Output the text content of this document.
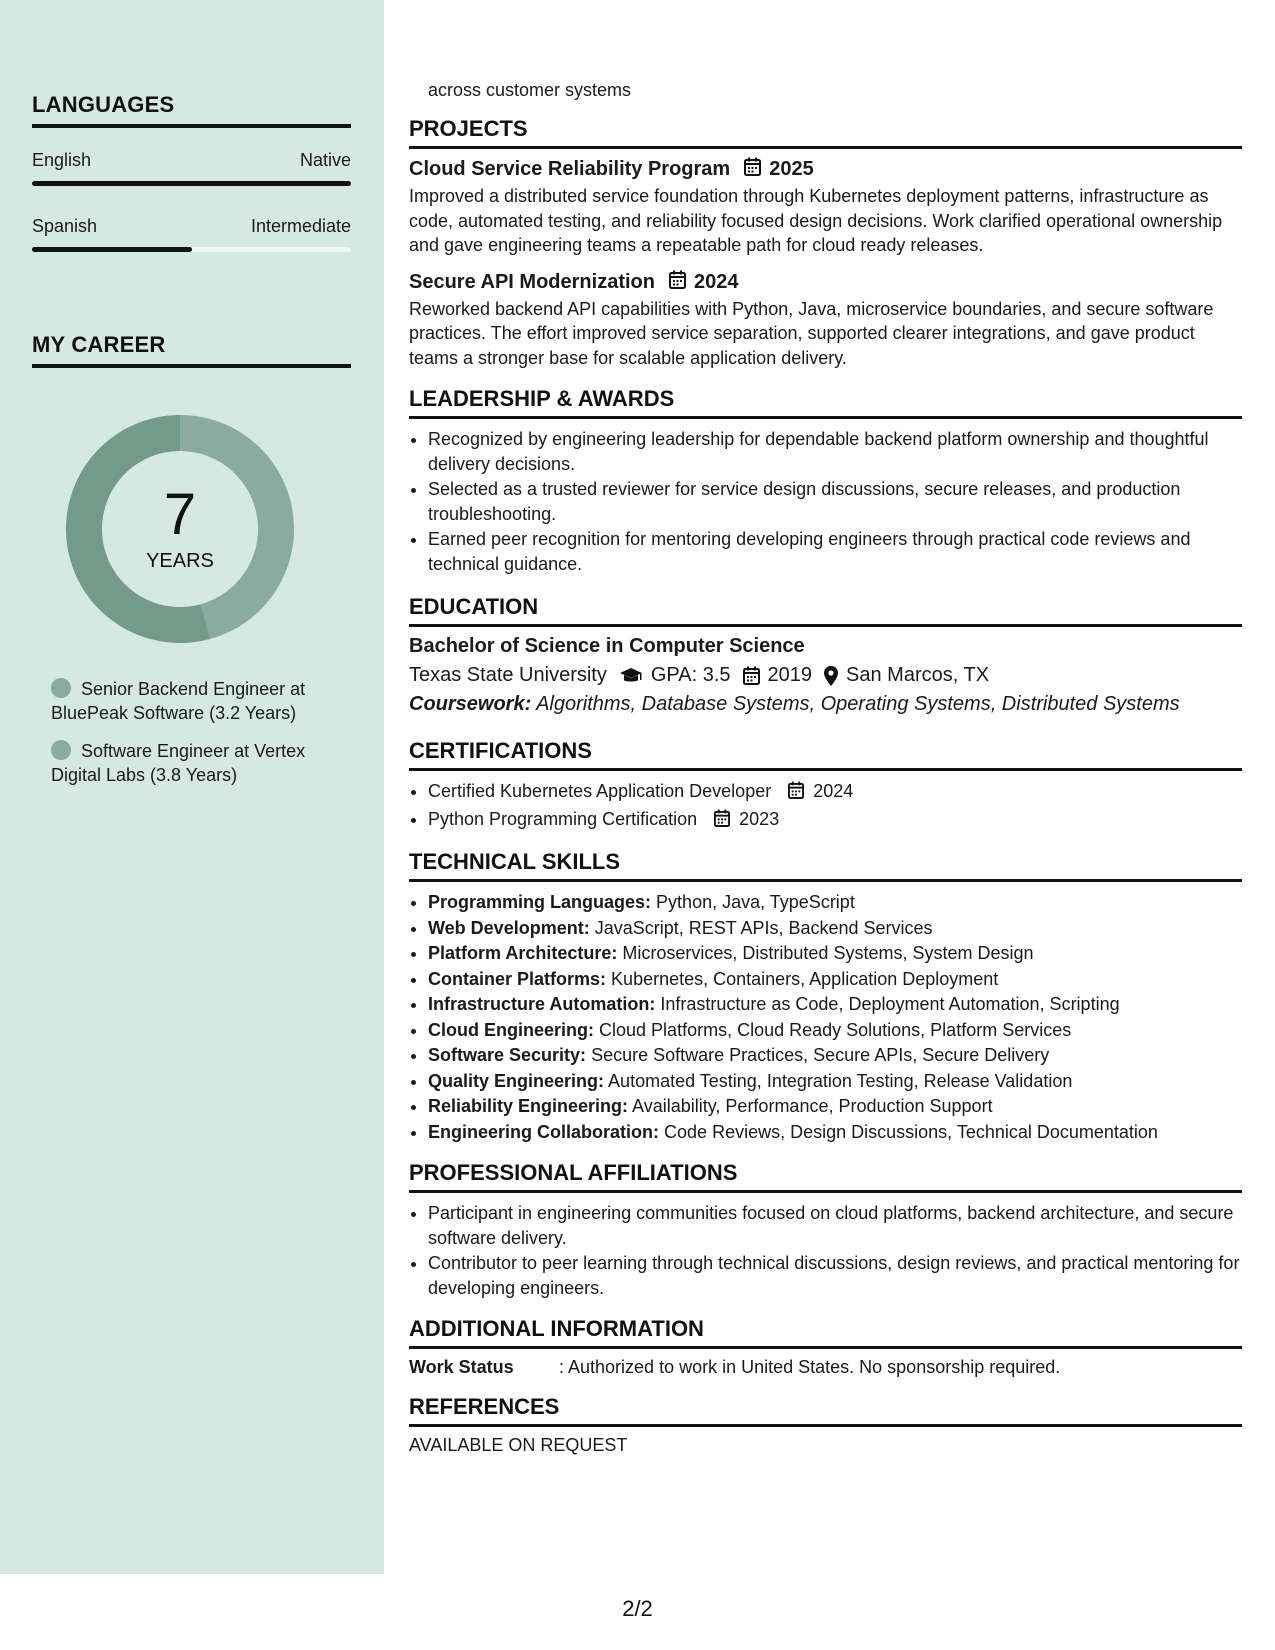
LANGUAGES
English	Native
Spanish	Intermediate
MY CAREER
7
YEARS
Senior Backend Engineer at BluePeak Software (3.2 Years)
Software Engineer at Vertex Digital Labs (3.8 Years)

across customer systems

PROJECTS
Cloud Service Reliability Program 2025

Improved a distributed service foundation through Kubernetes deployment patterns, infrastructure as code, automated testing, and reliability focused design decisions. Work clarified operational ownership and gave engineering teams a repeatable path for cloud ready releases.

Secure API Modernization 2024

Reworked backend API capabilities with Python, Java, microservice boundaries, and secure software practices. The effort improved service separation, supported clearer integrations, and gave product teams a stronger base for scalable application delivery.

LEADERSHIP & AWARDS
• Recognized by engineering leadership for dependable backend platform ownership and thoughtful delivery decisions.
• Selected as a trusted reviewer for service design discussions, secure releases, and production troubleshooting.
• Earned peer recognition for mentoring developing engineers through practical code reviews and technical guidance.
EDUCATION
Bachelor of Science in Computer Science
Texas State University GPA: 3.5 2019 San Marcos, TX
Coursework: Algorithms, Database Systems, Operating Systems, Distributed Systems
CERTIFICATIONS
• Certified Kubernetes Application Developer 2024
• Python Programming Certification 2023
TECHNICAL SKILLS
• Programming Languages: Python, Java, TypeScript
• Web Development: JavaScript, REST APIs, Backend Services
• Platform Architecture: Microservices, Distributed Systems, System Design
• Container Platforms: Kubernetes, Containers, Application Deployment
• Infrastructure Automation: Infrastructure as Code, Deployment Automation, Scripting
• Cloud Engineering: Cloud Platforms, Cloud Ready Solutions, Platform Services
• Software Security: Secure Software Practices, Secure APIs, Secure Delivery
• Quality Engineering: Automated Testing, Integration Testing, Release Validation
• Reliability Engineering: Availability, Performance, Production Support
• Engineering Collaboration: Code Reviews, Design Discussions, Technical Documentation
PROFESSIONAL AFFILIATIONS
• Participant in engineering communities focused on cloud platforms, backend architecture, and secure software delivery.
• Contributor to peer learning through technical discussions, design reviews, and practical mentoring for developing engineers.
ADDITIONAL INFORMATION
Work Status	: Authorized to work in United States. No sponsorship required.
REFERENCES
AVAILABLE ON REQUEST
2/2
